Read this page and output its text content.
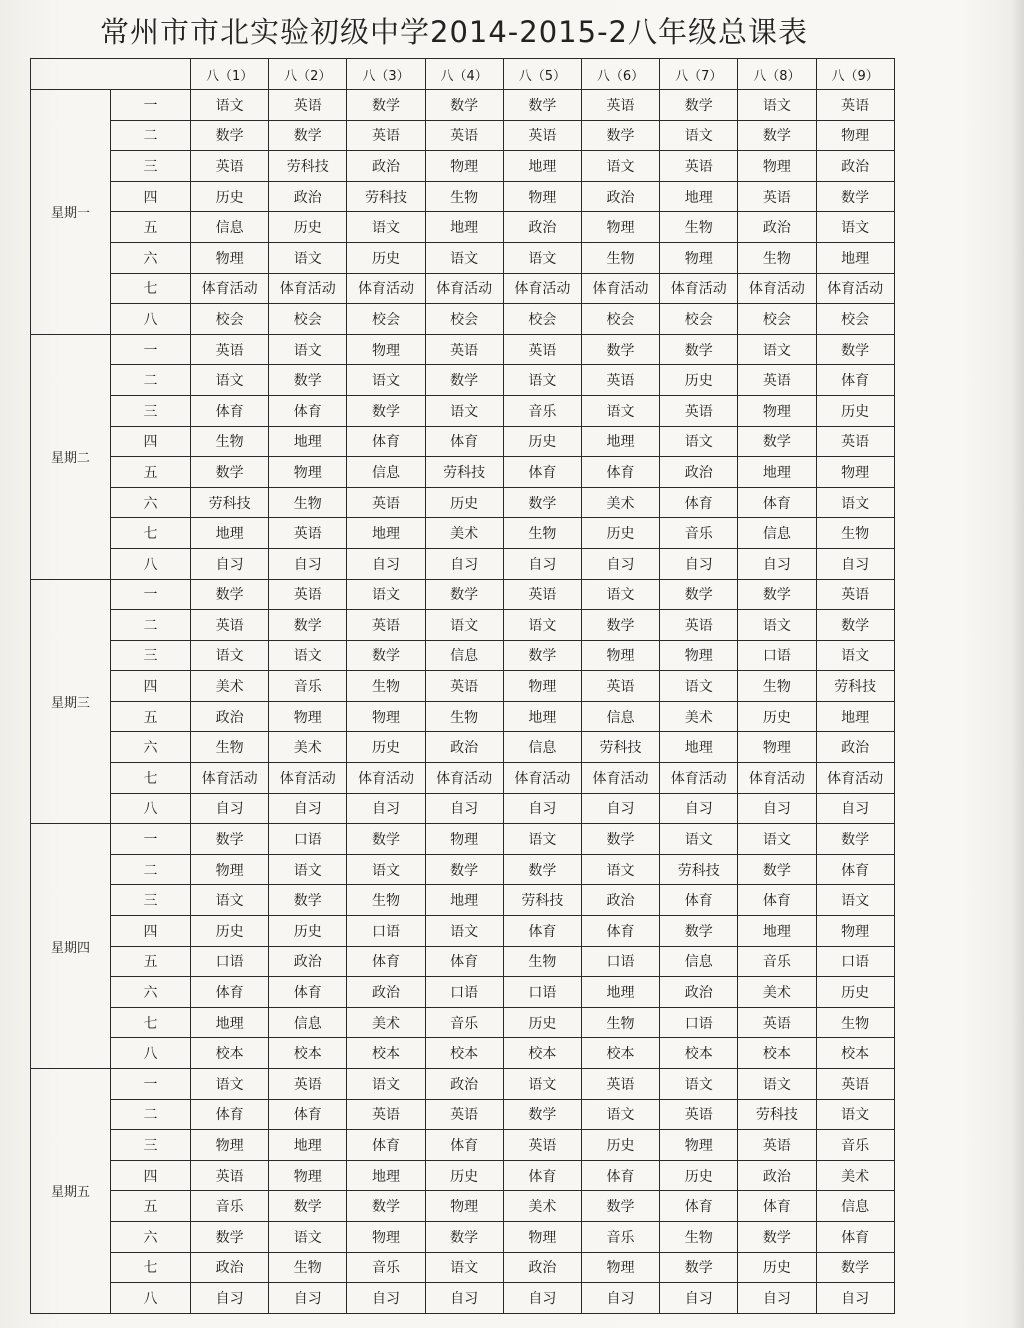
常州市市北实验初级中学2014-2015-2八年级总课表
		八（1）	八（2）	八（3）	八（4）	八（5）	八（6）	八（7）	八（8）	八（9）
星期一	一	语文	英语	数学	数学	数学	英语	数学	语文	英语
	二	数学	数学	英语	英语	英语	数学	语文	数学	物理
	三	英语	劳科技	政治	物理	地理	语文	英语	物理	政治
	四	历史	政治	劳科技	生物	物理	政治	地理	英语	数学
	五	信息	历史	语文	地理	政治	物理	生物	政治	语文
	六	物理	语文	历史	语文	语文	生物	物理	生物	地理
	七	体育活动	体育活动	体育活动	体育活动	体育活动	体育活动	体育活动	体育活动	体育活动
	八	校会	校会	校会	校会	校会	校会	校会	校会	校会
星期二	一	英语	语文	物理	英语	英语	数学	数学	语文	数学
	二	语文	数学	语文	数学	语文	英语	历史	英语	体育
	三	体育	体育	数学	语文	音乐	语文	英语	物理	历史
	四	生物	地理	体育	体育	历史	地理	语文	数学	英语
	五	数学	物理	信息	劳科技	体育	体育	政治	地理	物理
	六	劳科技	生物	英语	历史	数学	美术	体育	体育	语文
	七	地理	英语	地理	美术	生物	历史	音乐	信息	生物
	八	自习	自习	自习	自习	自习	自习	自习	自习	自习
星期三	一	数学	英语	语文	数学	英语	语文	数学	数学	英语
	二	英语	数学	英语	语文	语文	数学	英语	语文	数学
	三	语文	语文	数学	信息	数学	物理	物理	口语	语文
	四	美术	音乐	生物	英语	物理	英语	语文	生物	劳科技
	五	政治	物理	物理	生物	地理	信息	美术	历史	地理
	六	生物	美术	历史	政治	信息	劳科技	地理	物理	政治
	七	体育活动	体育活动	体育活动	体育活动	体育活动	体育活动	体育活动	体育活动	体育活动
	八	自习	自习	自习	自习	自习	自习	自习	自习	自习
星期四	一	数学	口语	数学	物理	语文	数学	语文	语文	数学
	二	物理	语文	语文	数学	数学	语文	劳科技	数学	体育
	三	语文	数学	生物	地理	劳科技	政治	体育	体育	语文
	四	历史	历史	口语	语文	体育	体育	数学	地理	物理
	五	口语	政治	体育	体育	生物	口语	信息	音乐	口语
	六	体育	体育	政治	口语	口语	地理	政治	美术	历史
	七	地理	信息	美术	音乐	历史	生物	口语	英语	生物
	八	校本	校本	校本	校本	校本	校本	校本	校本	校本
星期五	一	语文	英语	语文	政治	语文	英语	语文	语文	英语
	二	体育	体育	英语	英语	数学	语文	英语	劳科技	语文
	三	物理	地理	体育	体育	英语	历史	物理	英语	音乐
	四	英语	物理	地理	历史	体育	体育	历史	政治	美术
	五	音乐	数学	数学	物理	美术	数学	体育	体育	信息
	六	数学	语文	物理	数学	物理	音乐	生物	数学	体育
	七	政治	生物	音乐	语文	政治	物理	数学	历史	数学
	八	自习	自习	自习	自习	自习	自习	自习	自习	自习
